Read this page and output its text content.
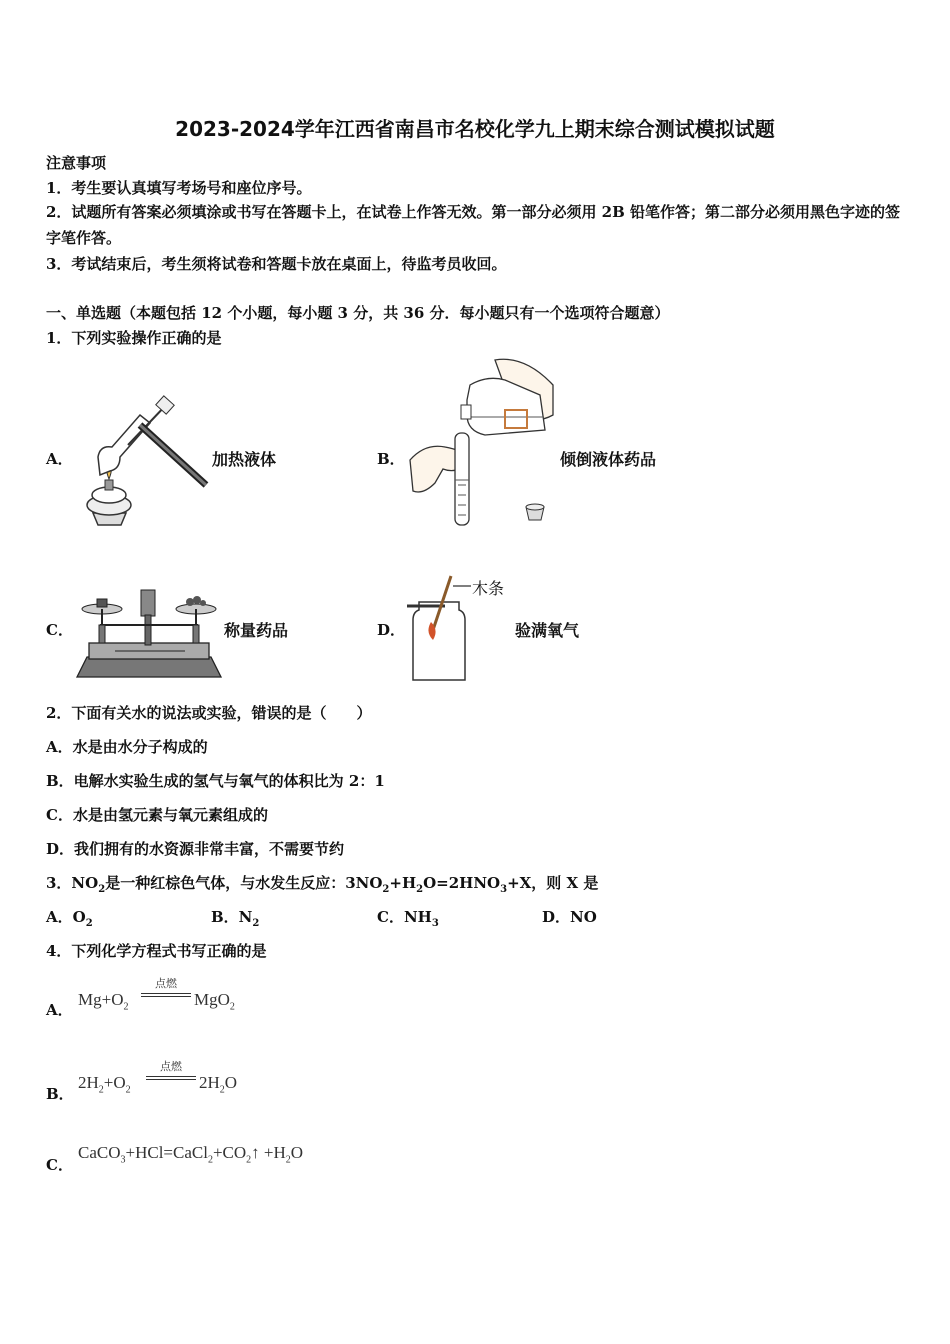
2023-2024学年江西省南昌市名校化学九上期末综合测试模拟试题
注意事项
1．考生要认真填写考场号和座位序号。
2．试题所有答案必须填涂或书写在答题卡上，在试卷上作答无效。第一部分必须用 2B 铅笔作答；第二部分必须用黑色字迹的签字笔作答。
3．考试结束后，考生须将试卷和答题卡放在桌面上，待监考员收回。
一、单选题（本题包括 12 个小题，每小题 3 分，共 36 分．每小题只有一个选项符合题意）
1．下列实验操作正确的是
A．	加热液体	B．	倾倒液体药品
C．	称量药品	D．
木条
验满氧气
2．下面有关水的说法或实验，错误的是（　　）
A．水是由水分子构成的
B．电解水实验生成的氢气与氧气的体积比为 2：1
C．水是由氢元素与氧元素组成的
D．我们拥有的水资源非常丰富，不需要节约
3．$NO_2$是一种红棕色气体，与水发生反应：$3NO_2+H_2O=2HNO_3+X$，则 X 是
A．$O_2$	B．$N_2$	C．$NH_3$	D．NO
4．下列化学方程式书写正确的是
A．
$Mg+O_2$
点燃
MgO$_2$
B．
$2H_2+O_2$
点燃
$2H_2O$
C．
$CaCO_3+HCl=CaCl_2+CO_2↑ +H_2O$
